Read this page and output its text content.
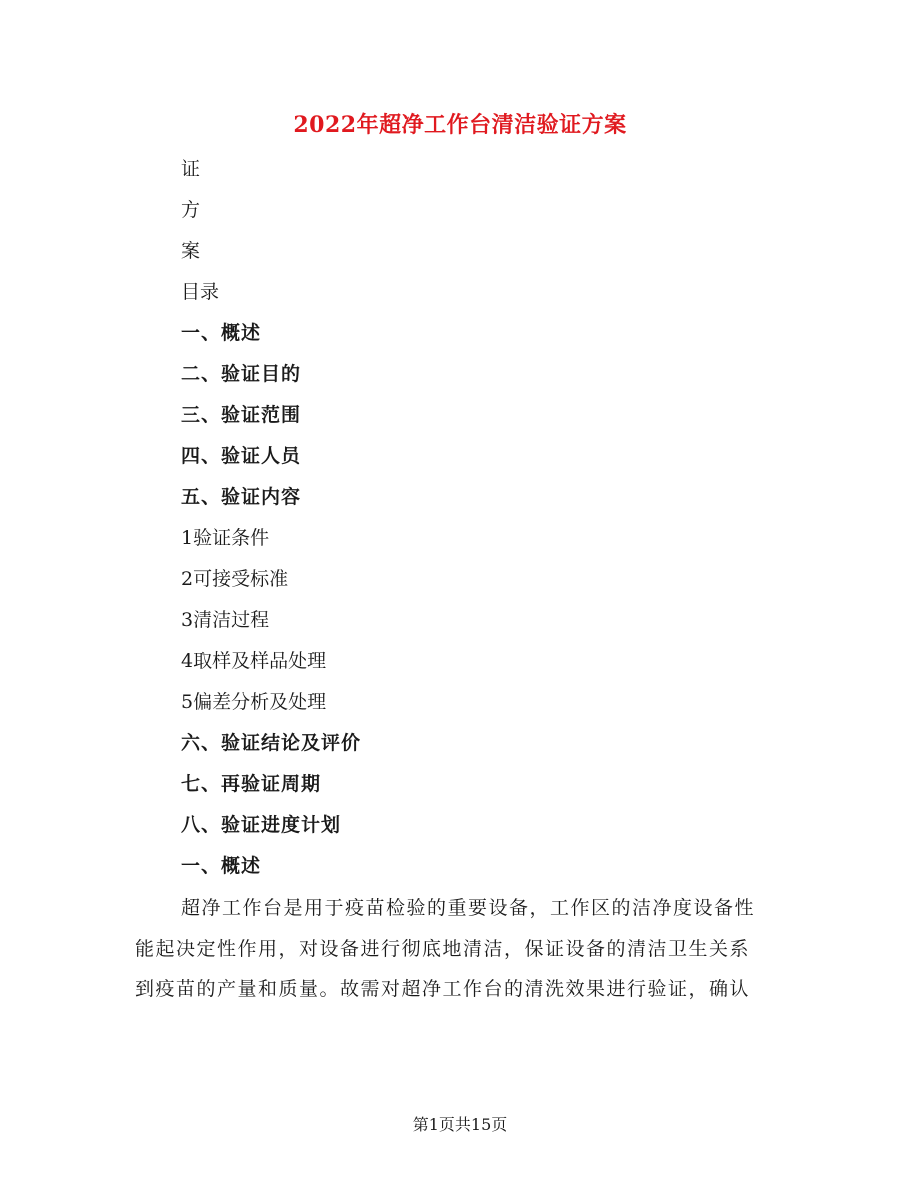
2022年超净工作台清洁验证方案
证
方
案
目录
一、概述
二、验证目的
三、验证范围
四、验证人员
五、验证内容
1验证条件
2可接受标准
3清洁过程
4取样及样品处理
5偏差分析及处理
六、验证结论及评价
七、再验证周期
八、验证进度计划
一、概述
超净工作台是用于疫苗检验的重要设备，工作区的洁净度设备性
能起决定性作用，对设备进行彻底地清洁，保证设备的清洁卫生关系
到疫苗的产量和质量。故需对超净工作台的清洗效果进行验证，确认
第1页共15页
